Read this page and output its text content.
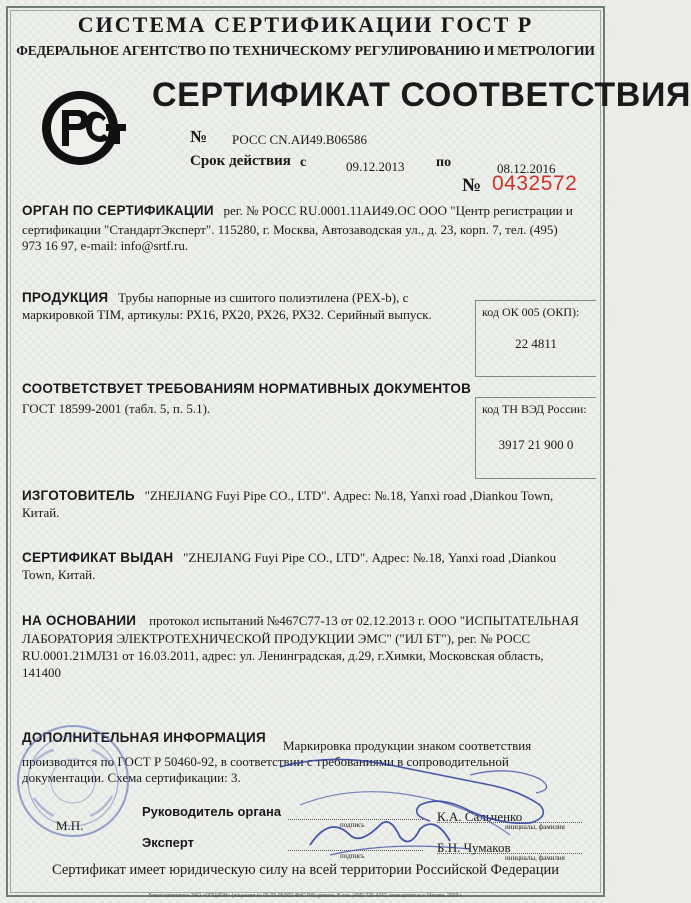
СИСТЕМА СЕРТИФИКАЦИИ ГОСТ Р
ФЕДЕРАЛЬНОЕ АГЕНТСТВО ПО ТЕХНИЧЕСКОМУ РЕГУЛИРОВАНИЮ И МЕТРОЛОГИИ
СЕРТИФИКАТ СООТВЕТСТВИЯ
№ РОСС CN.АИ49.В06586
Срок действия с	09.12.2013 по	08.12.2016
№ 0432572
ОРГАН ПО СЕРТИФИКАЦИИ рег. № РОСС RU.0001.11АИ49.ОС ООО "Центр регистрации и
сертификации "СтандартЭксперт". 115280, г. Москва, Автозаводская ул., д. 23, корп. 7, тел. (495)
973 16 97, e-mail: info@srtf.ru.
ПРОДУКЦИЯ Трубы напорные из сшитого полиэтилена (PEX-b), с
маркировкой TIM, артикулы: РХ16, РХ20, РХ26, РХ32. Серийный выпуск.	код ОК 005 (ОКП):
22 4811
СООТВЕТСТВУЕТ ТРЕБОВАНИЯМ НОРМАТИВНЫХ ДОКУМЕНТОВ
ГОСТ 18599-2001 (табл. 5, п. 5.1).	код ТН ВЭД России:
3917 21 900 0
ИЗГОТОВИТЕЛЬ "ZHEJIANG Fuyi Pipe CO., LTD". Адрес: №.18, Yanxi road ,Diankou Town,
Китай.
СЕРТИФИКАТ ВЫДАН "ZHEJIANG Fuyi Pipe CO., LTD". Адрес: №.18, Yanxi road ,Diankou
Town, Китай.
НА ОСНОВАНИИ протокол испытаний №467С77-13 от 02.12.2013 г. ООО "ИСПЫТАТЕЛЬНАЯ
ЛАБОРАТОРИЯ ЭЛЕКТРОТЕХНИЧЕСКОЙ ПРОДУКЦИИ ЭМС" ("ИЛ БТ"), рег. № РОСС
RU.0001.21МЛ31 от 16.03.2011, адрес: ул. Ленинградская, д.29, г.Химки, Московская область,
141400
ДОПОЛНИТЕЛЬНАЯ ИНФОРМАЦИЯ
Маркировка продукции знаком соответствия
производится по ГОСТ Р 50460-92, в соответствии с требованиями в сопроводительной
документации. Схема сертификации: 3.
Руководитель органа
подпись
К.А. Сальченко
инициалы, фамилия
М.П.
Эксперт
подпись
Б.Н. Чумаков
инициалы, фамилия
Сертификат имеет юридическую силу на всей территории Российской Федерации
Бланк изготовлен ЗАО «ОПЦИОН» (лицензия № 05-05-09/003 ФНС РФ) уровень В тел. (495) 726-4742, www.opcion.ru г. Москва, 2009 г.
